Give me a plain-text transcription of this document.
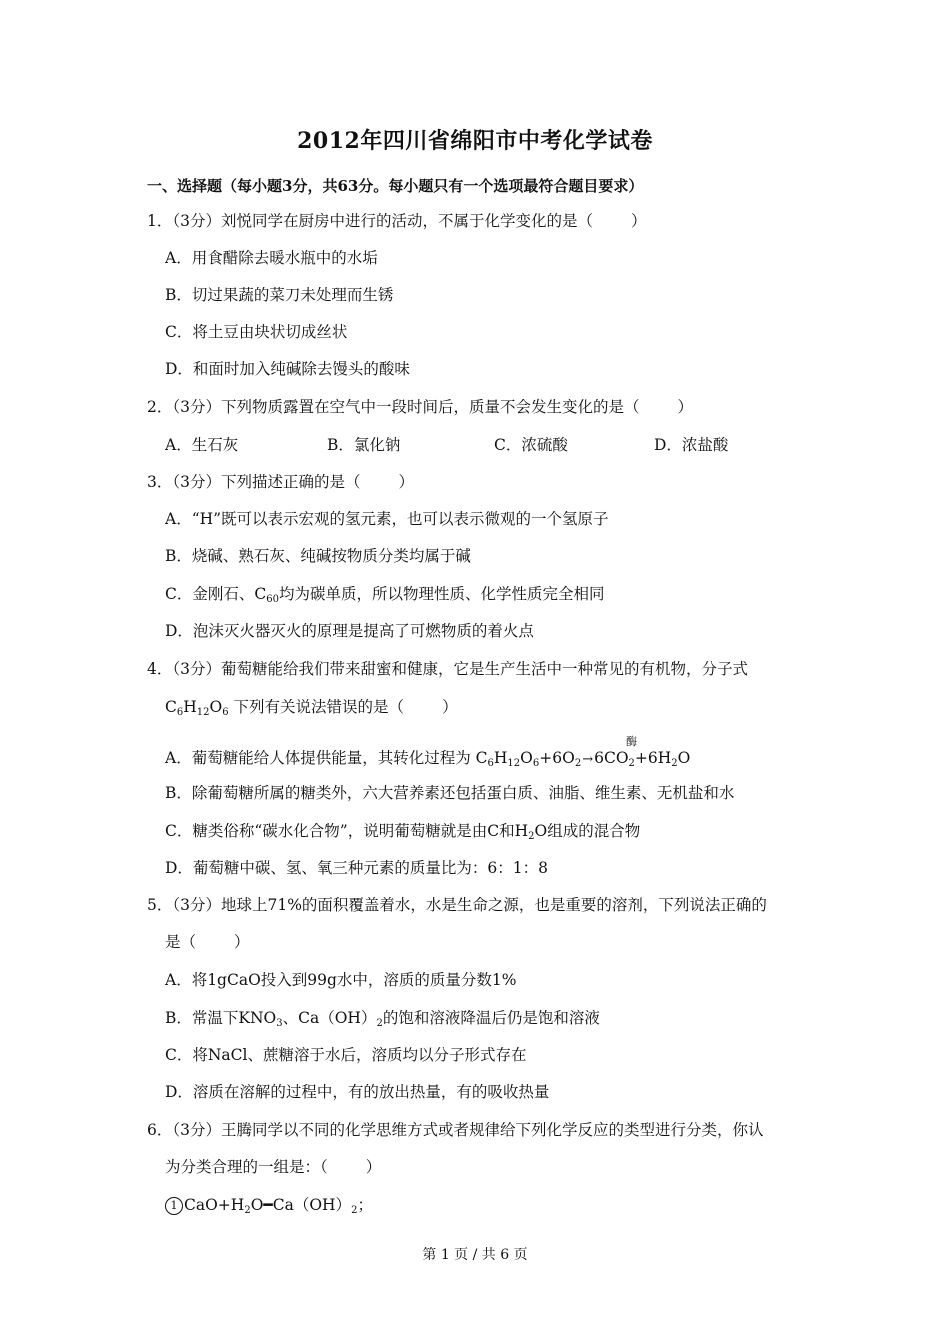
2012年四川省绵阳市中考化学试卷
一、选择题（每小题3分，共63分。每小题只有一个选项最符合题目要求）
1．（3分）刘悦同学在厨房中进行的活动，不属于化学变化的是（ ）
A．用食醋除去暖水瓶中的水垢
B．切过果蔬的菜刀未处理而生锈
C．将土豆由块状切成丝状
D．和面时加入纯碱除去馒头的酸味
2．（3分）下列物质露置在空气中一段时间后，质量不会发生变化的是（ ）
A．生石灰	B．氯化钠	C．浓硫酸	D．浓盐酸
3．（3分）下列描述正确的是（ ）
A．“H”既可以表示宏观的氢元素，也可以表示微观的一个氢原子
B．烧碱、熟石灰、纯碱按物质分类均属于碱
C．金刚石、$C_{60}$均为碳单质，所以物理性质、化学性质完全相同
D．泡沫灭火器灭火的原理是提高了可燃物质的着火点
4．（3分）葡萄糖能给我们带来甜蜜和健康，它是生产生活中一种常见的有机物，分子式
$C_6H_{12}O_6$ 下列有关说法错误的是（ ）
酶
A．葡萄糖能给人体提供能量，其转化过程为 $C_6H_{12}O_6+6O_2\to 6CO_2+6H_2O$
B．除葡萄糖所属的糖类外，六大营养素还包括蛋白质、油脂、维生素、无机盐和水
C．糖类俗称“碳水化合物”，说明葡萄糖就是由C和$H_2O$组成的混合物
D．葡萄糖中碳、氢、氧三种元素的质量比为：6：1：8
5．（3分）地球上71%的面积覆盖着水，水是生命之源，也是重要的溶剂，下列说法正确的
是（ ）
A．将1gCaO投入到99g水中，溶质的质量分数1%
B．常温下$KNO_3$、$Ca(OH)_2$的饱和溶液降温后仍是饱和溶液
C．将NaCl、蔗糖溶于水后，溶质均以分子形式存在
D．溶质在溶解的过程中，有的放出热量，有的吸收热量
6．（3分）王腾同学以不同的化学思维方式或者规律给下列化学反应的类型进行分类，你认
为分类合理的一组是：（ ）
1 $CaO+H_2O━Ca(OH)_2$；
第 1 页 / 共 6 页
